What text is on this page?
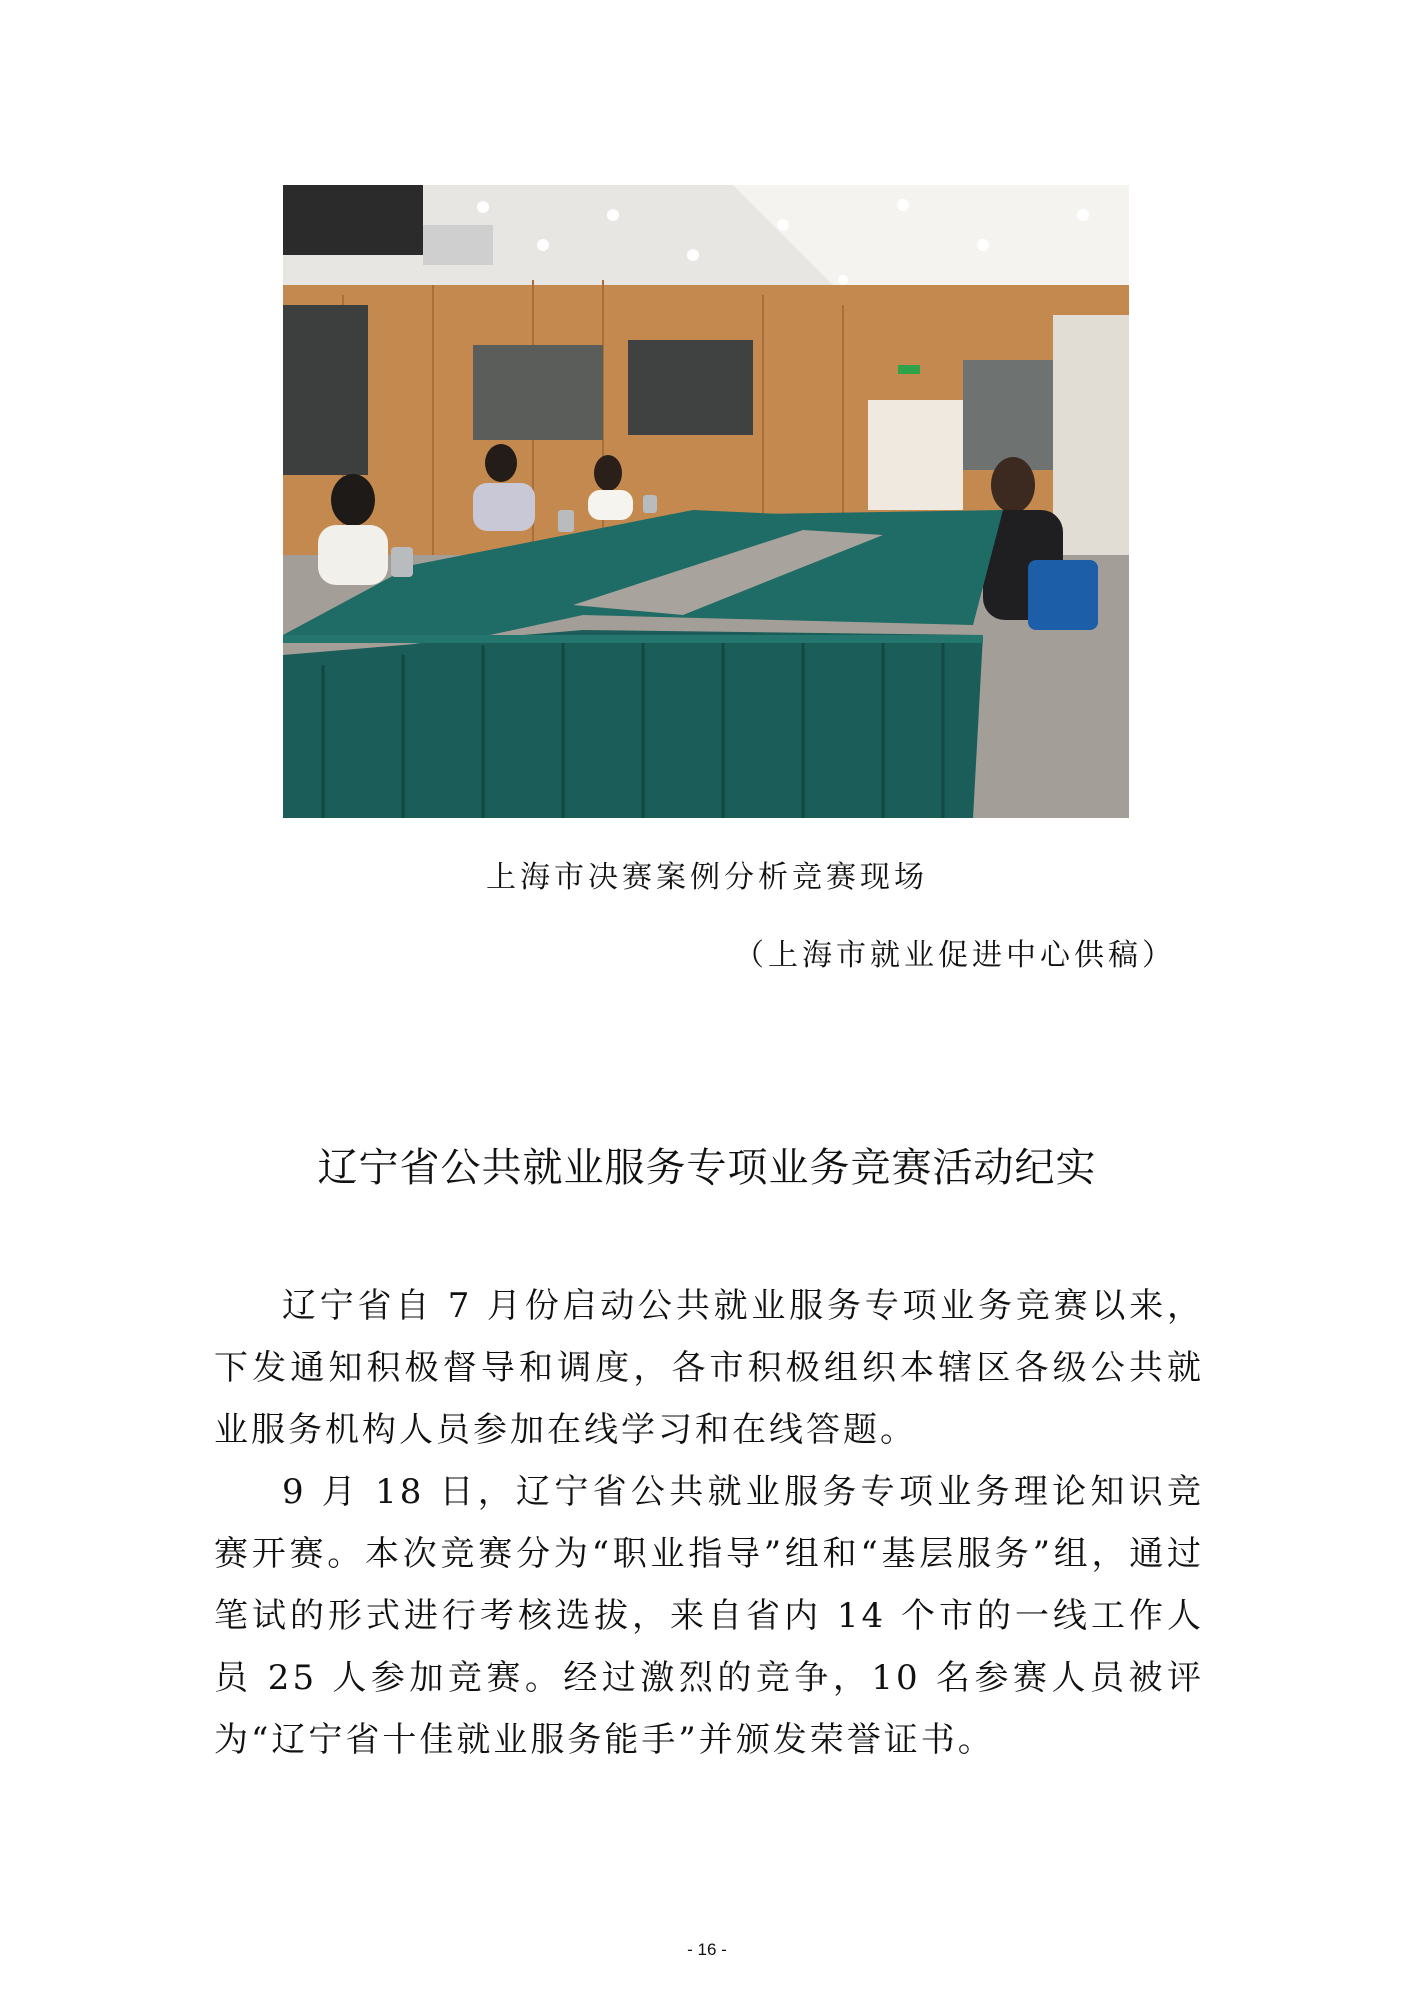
上海市决赛案例分析竞赛现场
（上海市就业促进中心供稿）
辽宁省公共就业服务专项业务竞赛活动纪实

辽宁省自 7 月份启动公共就业服务专项业务竞赛以来，下发通知积极督导和调度，各市积极组织本辖区各级公共就业服务机构人员参加在线学习和在线答题。

9 月 18 日，辽宁省公共就业服务专项业务理论知识竞赛开赛。本次竞赛分为“职业指导”组和“基层服务”组，通过笔试的形式进行考核选拔，来自省内 14 个市的一线工作人员 25 人参加竞赛。经过激烈的竞争，10 名参赛人员被评为“辽宁省十佳就业服务能手”并颁发荣誉证书。

- 16 -
